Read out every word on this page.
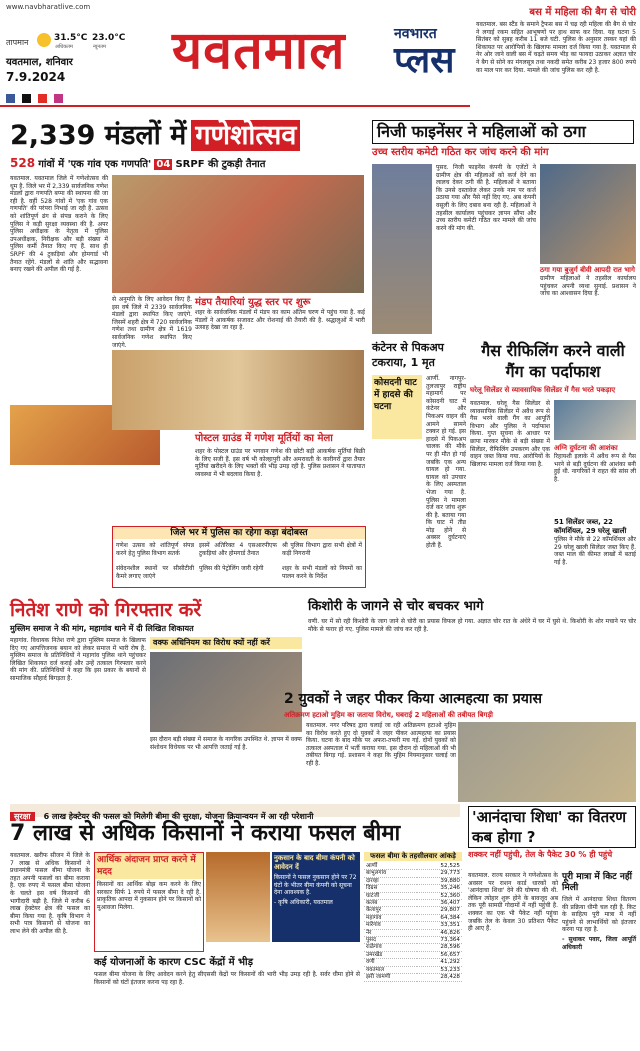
www.navbharatlive.com
तापमान	31.5°C
अधिकतम
23.0°C
न्यूनतम
यवतमाल, शनिवार
7.9.2024
यवतमाल	नवभारत
प्लस
बस में महिला की बैग से चोरी
यवतमाल. बस स्टैंड के समाने ट्रैफस बस में चढ़ रही महिला की बैग से चोर ने लगाई रकम सहित आभूषणों पर हाथ साफ कर दिया. यह घटना 5 सितंबर को सुबह करीब 11 बजे घटी. पुलिस के अनुसार तस्कर यहां की शिकायत पर आरोपियों के खिलाफ मामला दर्ज किया गया है. यवतमाल से नेर ओर जाने वाली बस में चढ़ते समय भीड़ का फायदा उठाकर अज्ञात चोर ने बैग से सोने का मंगलसूत्र तथा नकदी समेत करीब 23 हजार 800 रुपये का माल पार कर दिया. मामले की जांच पुलिस कर रही है.
2,339 मंडलों में गणेशोत्सव
528 गांवों में 'एक गांव एक गणपति' 04 SRPF की टुकड़ी तैनात
यवतमाल. यवतमाल जिले में गणेशोत्सव की धूम है. जिले भर में 2,339 सार्वजनिक गणेश मंडलों द्वारा गणपति बप्पा की स्थापना की जा रही है. वहीं 528 गांवों में 'एक गांव एक गणपति' की परंपरा निभाई जा रही है. उत्सव को शांतिपूर्ण ढंग से संपन्न कराने के लिए पुलिस ने कड़ी सुरक्षा व्यवस्था की है. अपर पुलिस अधीक्षक के नेतृत्व में पुलिस उपअधीक्षक, निरीक्षक और बड़ी संख्या में पुलिस कर्मी तैनात किए गए हैं. साथ ही SRPF की 4 टुकड़ियां और होमगार्ड भी तैनात रहेंगे. मंडलों से शांति और सद्भावना बनाए रखने की अपील की गई है.
से अनुमति के लिए आवेदन किए हैं. इस वर्ष जिले में 2339 सार्वजनिक मंडलों द्वारा स्थापित किए जाएंगे. जिसमें शहरी क्षेत्र में 720 सार्वजनिक गणेश तथा ग्रामीण क्षेत्र में 1619 सार्वजनिक गणेश स्थापित किए जाएंगे.
मंडप तैयारियां युद्ध स्तर पर शुरू
शहर के सार्वजनिक मंडलों में मंडप का काम अंतिम चरण में पहुंच गया है. कई मंडलों ने आकर्षक सजावट और रोशनाई की तैयारी की है. श्रद्धालुओं में भारी उत्साह देखा जा रहा है.
पोस्टल ग्राउंड में गणेश मूर्तियों का मेला
शहर के पोस्टल ग्राउंड पर भगवान गणेश की छोटी बड़ी आकर्षक मूर्तियां बिक्री के लिए सजी हैं. इस वर्ष भी कोल्हापुरी और अमरावती के कारीगरों द्वारा तैयार मूर्तियां खरीदने के लिए भक्तों की भीड़ उमड़ रही है. पुलिस प्रशासन ने यातायात व्यवस्था में भी बदलाव किया है.
जिले भर में पुलिस का रहेगा कड़ा बंदोबस्त
गणेश उत्सव को शांतिपूर्ण संपन्न करने हेतु पुलिस विभाग सतर्क
इसमें अतिरिक्त 4 एसआरपीएफ टुकड़ियां और होमगार्ड तैनात
श्री पुलिस विभाग द्वारा सभी क्षेत्रों में कड़ी निगरानी
संवेदनशील स्थानों पर सीसीटीवी कैमरे लगाए जाएंगे
पुलिस की पेट्रोलिंग जारी रहेगी	शहर के सभी मंडलों को नियमों का पालन करने के निर्देश
निजी फाइनेंसर ने महिलाओं को ठगा
उच्च स्तरीय कमेटी गठित कर जांच करने की मांग
पुसद. निजी फाइनेंस कंपनी के एजेंटों ने ग्रामीण क्षेत्र की महिलाओं को कर्ज देने का लालच देकर ठगी की है. महिलाओं ने बताया कि उनसे दस्तावेज लेकर उनके नाम पर कर्ज उठाया गया और पैसे नहीं दिए गए. अब कंपनी वसूली के लिए दबाव बना रही है. महिलाओं ने तहसील कार्यालय पहुंचकर ज्ञापन सौंपा और उच्च स्तरीय कमेटी गठित कर मामले की जांच करने की मांग की.
ठगा गया बुजुर्ग बीवी आपदी रात भागे
ग्रामीण महिलाओं ने तहसील कार्यालय पहुंचकर अपनी व्यथा सुनाई. प्रशासन ने जांच का आश्वासन दिया है.
कंटेनर से पिकअप टकराया, 1 मृत
कोसदनी घाट में हादसे की घटना
आर्णी. नागपुर-तुलजापुर राष्ट्रीय महामार्ग पर कोसदनी घाट में कंटेनर और पिकअप वाहन की आमने सामने टक्कर हो गई. इस हादसे में पिकअप चालक की मौके पर ही मौत हो गई जबकि एक अन्य घायल हो गया. घायल को उपचार के लिए अस्पताल भेजा गया है. पुलिस ने मामला दर्ज कर जांच शुरू की है. बताया गया कि घाट में तीव्र मोड़ होने से अक्सर दुर्घटनाएं होती हैं.
गैस रीफिलिंग करने वाली गैंग का पर्दाफाश
घरेलू सिलेंडर से व्यावसायिक सिलेंडर में गैस भरते पकड़ाए
यवतमाल. घरेलू गैस सिलेंडर से व्यावसायिक सिलेंडर में अवैध रूप से गैस भरने वाली गैंग का आपूर्ति विभाग और पुलिस ने पर्दाफाश किया. गुप्त सूचना के आधार पर छापा मारकर मौके से बड़ी संख्या में सिलेंडर, रीफिलिंग उपकरण और एक वाहन जब्त किया गया. आरोपियों के खिलाफ मामला दर्ज किया गया है.
अग्नि दुर्घटना की आशंका
रिहायशी इलाके में अवैध रूप से गैस भरने से बड़ी दुर्घटना की आशंका बनी हुई थी. नागरिकों ने राहत की सांस ली है.
51 सिलेंडर जब्त, 22 कॉमर्शियल, 29 घरेलू खाली
पुलिस ने मौके से 22 कॉमर्शियल और 29 घरेलू खाली सिलेंडर जब्त किए हैं. जब्त माल की कीमत लाखों में बताई गई है.
नितेश राणे को गिरफ्तार करें
मुस्लिम समाज ने की मांग, महागांव थाने में दी लिखित शिकायत
वक्फ अधिनियम का विरोध क्यों नहीं करें
महागांव. विधायक नितेश राणे द्वारा मुस्लिम समाज के खिलाफ दिए गए आपत्तिजनक बयान को लेकर समाज में भारी रोष है. मुस्लिम समाज के प्रतिनिधियों ने महागांव पुलिस थाने पहुंचकर लिखित शिकायत दर्ज कराई और उन्हें तत्काल गिरफ्तार करने की मांग की. प्रतिनिधियों ने कहा कि इस प्रकार के बयानों से सामाजिक सौहार्द बिगड़ता है.
इस दौरान बड़ी संख्या में समाज के नागरिक उपस्थित थे. ज्ञापन में वक्फ संशोधन विधेयक पर भी आपत्ति जताई गई है.
किशोरी के जागने से चोर बचकर भागे
वणी. घर में सो रही किशोरी के जाग जाने से चोरी का प्रयास विफल हो गया. अज्ञात चोर रात के अंधेरे में घर में घुसे थे. किशोरी के शोर मचाने पर चोर मौके से फरार हो गए. पुलिस मामले की जांच कर रही है.
2 युवकों ने जहर पीकर किया आत्महत्या का प्रयास
अतिक्रमण हटाओ मुहिम का जताया विरोध, घबराई 2 महिलाओं की तबीयत बिगड़ी
यवतमाल. नगर परिषद द्वारा चलाई जा रही अतिक्रमण हटाओ मुहिम का विरोध करते हुए दो युवकों ने जहर पीकर आत्महत्या का प्रयास किया. घटना के बाद मौके पर अफरा-तफरी मच गई. दोनों युवकों को तत्काल अस्पताल में भर्ती कराया गया. इस दौरान दो महिलाओं की भी तबीयत बिगड़ गई. प्रशासन ने कहा कि मुहिम नियमानुसार चलाई जा रही है.
सुरक्षा 6 लाख हेक्टेयर की फसल को मिलेगी बीमा की सुरक्षा, योजना क्रियान्वयन में आ रही परेशानी
7 लाख से अधिक किसानों ने कराया फसल बीमा
यवतमाल. खरीफ सीजन में जिले के 7 लाख से अधिक किसानों ने प्रधानमंत्री फसल बीमा योजना के तहत अपनी फसलों का बीमा कराया है. एक रुपए में फसल बीमा योजना के चलते इस वर्ष किसानों की भागीदारी बढ़ी है. जिले में करीब 6 लाख हेक्टेयर क्षेत्र की फसल का बीमा किया गया है. कृषि विभाग ने सभी पात्र किसानों से योजना का लाभ लेने की अपील की है.
आर्थिक अंदाजन प्राप्त करने में मदद
किसानों का आर्थिक बोझ कम करने के लिए सरकार सिर्फ 1 रुपये में फसल बीमा दे रही है. प्राकृतिक आपदा में नुकसान होने पर किसानों को मुआवजा मिलेगा.
नुकसान के बाद बीमा कंपनी को आवेदन दें
किसानों ने फसल नुकसान होने पर 72 घंटों के भीतर बीमा कंपनी को सूचना देना आवश्यक है.
- कृषि अधिकारी, यवतमाल
कई योजनाओं के कारण CSC केंद्रों में भीड़
फसल बीमा योजना के लिए आवेदन करने हेतु सीएससी केंद्रों पर किसानों की भारी भीड़ उमड़ रही है. सर्वर धीमा होने से किसानों को घंटों इंतजार करना पड़ रहा है.
फसल बीमा के तहसीलवार आंकड़े
आर्णी	52,525
बाभुलगांव	29,773
दारव्हा	39,880
दिग्रस	35,246
घाटंजी	52,360
कलंब	36,407
केलापुर	29,807
महागांव	64,384
मारेगांव	33,351
नेर	46,826
पुसद	73,364
राळेगांव	28,596
उमरखेड	56,657
वणी	41,292
यवतमाल	53,233
झरी जामणी	28,428
'आनंदाचा शिधा' का वितरण कब होगा ?
शक्कर नहीं पहुंची, तेल के पैकेट 30 % ही पहुंचे
यवतमाल. राज्य सरकार ने गणेशोत्सव के अवसर पर राशन कार्ड धारकों को 'आनंदाचा शिधा' देने की घोषणा की थी. लेकिन त्योहार शुरू होने के बावजूद अब तक पूरी सामग्री गोदामों में नहीं पहुंची है. शक्कर का एक भी पैकेट नहीं पहुंचा जबकि तेल के केवल 30 प्रतिशत पैकेट ही आए हैं.
पूरी मात्रा में किट नहीं मिली
जिले में आनंदाचा शिधा वितरण की प्रक्रिया धीमी चल रही है. किट के साहित्य पूरी मात्रा में नहीं पहुंचने से लाभार्थियों को इंतजार करना पड़ रहा है.
- सुधाकर पवार, जिला आपूर्ति अधिकारी
